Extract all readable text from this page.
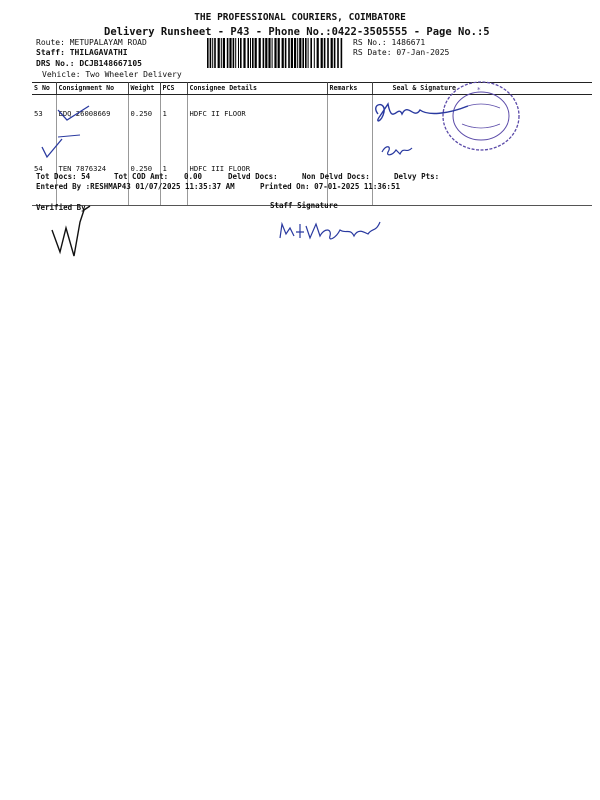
THE PROFESSIONAL COURIERS, COIMBATORE
Delivery Runsheet - P43 - Phone No.:0422-3505555 - Page No.:5
Route: METUPALAYAM ROAD
Staff: THILAGAVATHI
DRS No.: DCJB148667105
Vehicle: Two Wheeler Delivery
RS No.: 1486671
RS Date: 07-Jan-2025
S No	Consignment No	Weight	PCS	Consignee Details	Remarks	Seal & Signature
53	EDQ 26008669	0.250	1	HDFC II FLOOR		
54	TEN 7876324	0.250	1	HDFC III FLOOR		
*
Tot Docs: 54	Tot COD Amt: 0.00	Delvd Docs:	Non Delvd Docs:	Delvy Pts:
Entered By :RESHMAP43 01/07/2025 11:35:37 AM	Printed On: 07-01-2025 11:36:51
Verified By	Staff Signature
